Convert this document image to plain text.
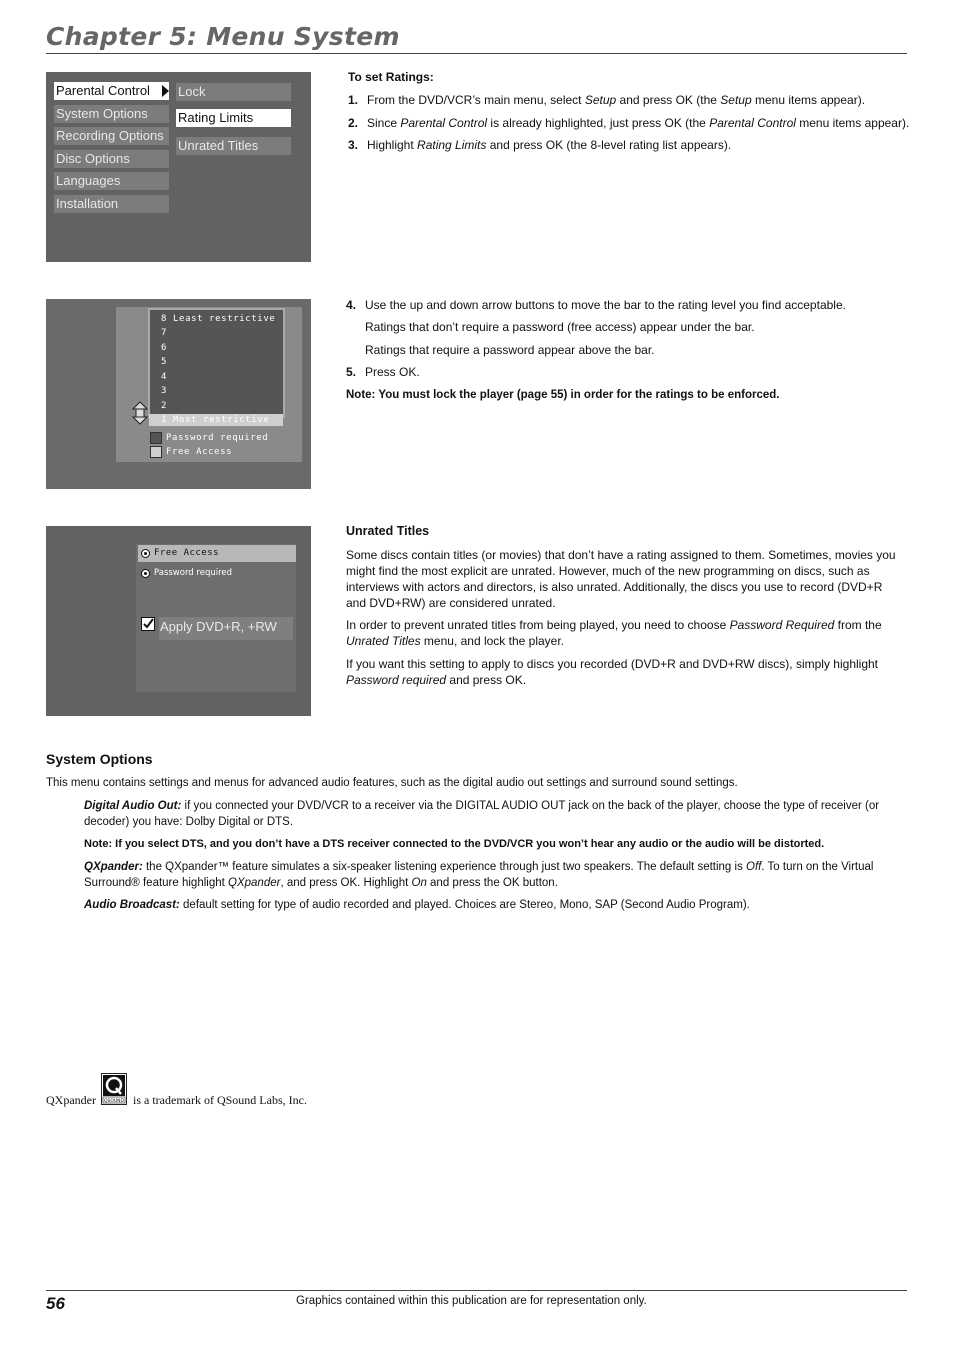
Chapter 5: Menu System
Parental Control
System Options
Recording Options
Disc Options
Languages
Installation
Lock
Rating Limits
Unrated Titles
To set Ratings:
1. From the DVD/VCR’s main menu, select Setup and press OK (the Setup menu items appear).
2. Since Parental Control is already highlighted, just press OK (the Parental Control menu items appear).
3. Highlight Rating Limits and press OK (the 8-level rating list appears).
8 Least restrictive
7
6
5
4
3
2
1 Most restrictive
Password required
Free Access
4. Use the up and down arrow buttons to move the bar to the rating level you find acceptable.
Ratings that don’t require a password (free access) appear under the bar.
Ratings that require a password appear above the bar.
5. Press OK.
Note: You must lock the player (page 55) in order for the ratings to be enforced.
Free Access
Password required
Apply DVD+R, +RW
Unrated Titles
Some discs contain titles (or movies) that don’t have a rating assigned to them. Sometimes, movies you
might find the most explicit are unrated. However, much of the new programming on discs, such as
interviews with actors and directors, is also unrated. Additionally, the discs you use to record (DVD+R
and DVD+RW) are considered unrated.
In order to prevent unrated titles from being played, you need to choose Password Required from the
Unrated Titles menu, and lock the player.
If you want this setting to apply to discs you recorded (DVD+R and DVD+RW discs), simply highlight
Password required and press OK.
System Options
This menu contains settings and menus for advanced audio features, such as the digital audio out settings and surround sound settings.
Digital Audio Out: if you connected your DVD/VCR to a receiver via the DIGITAL AUDIO OUT jack on the back of the player, choose the type of receiver (or
decoder) you have: Dolby Digital or DTS.
Note: If you select DTS, and you don’t have a DTS receiver connected to the DVD/VCR you won’t hear any audio or the audio will be distorted.
QXpander: the QXpander™ feature simulates a six-speaker listening experience through just two speakers. The default setting is Off. To turn on the Virtual
Surround® feature highlight QXpander, and press OK. Highlight On and press the OK button.
Audio Broadcast: default setting for type of audio recorded and played. Choices are Stereo, Mono, SAP (Second Audio Program).
QXpander QSOUND is a trademark of QSound Labs, Inc.
56	Graphics contained within this publication are for representation only.
